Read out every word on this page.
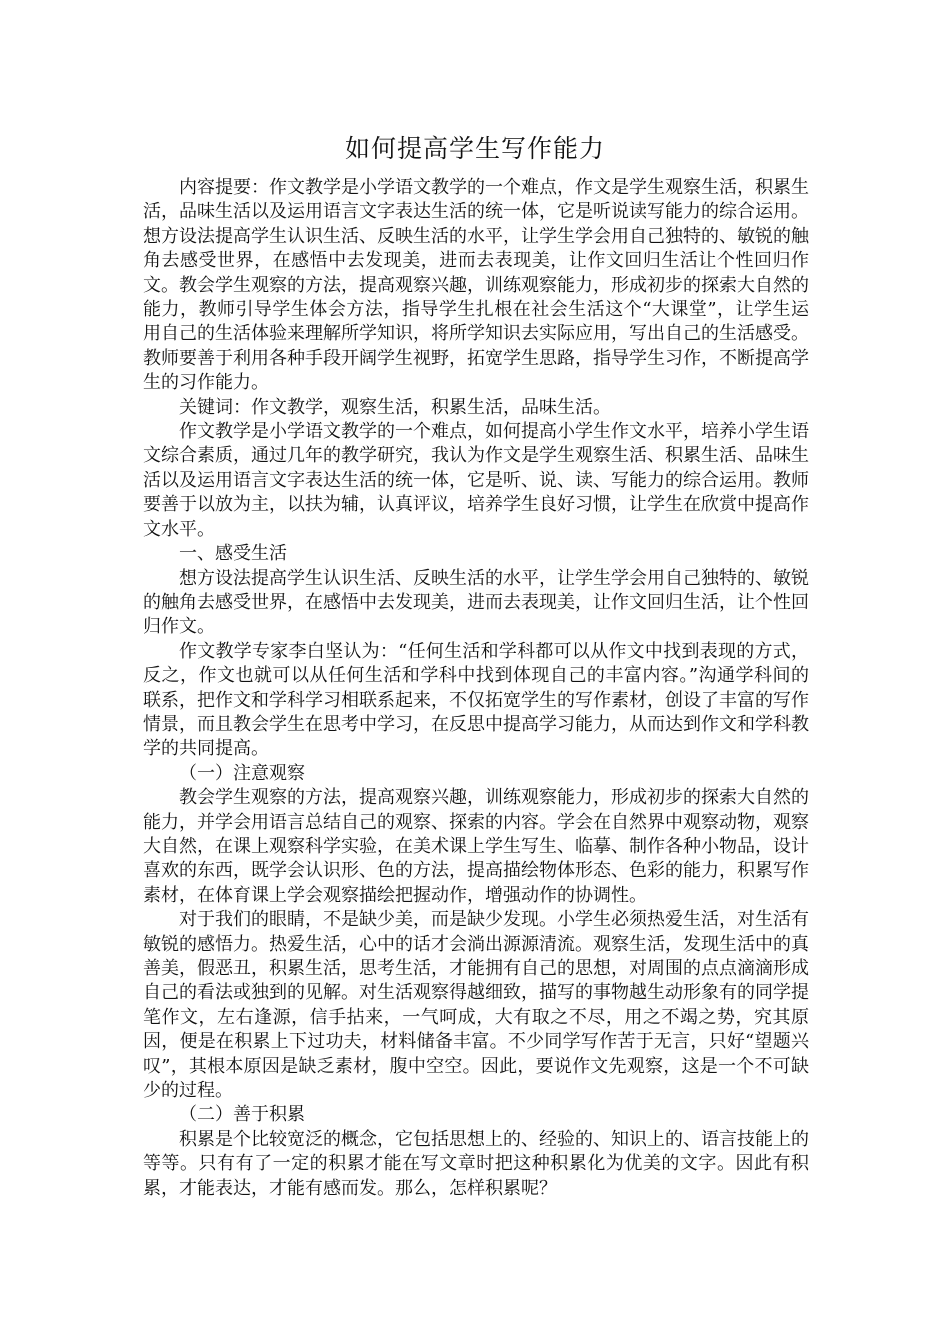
如何提高学生写作能力

内容提要：作文教学是小学语文教学的一个难点，作文是学生观察生活，积累生活，品味生活以及运用语言文字表达生活的统一体，它是听说读写能力的综合运用。想方设法提高学生认识生活、反映生活的水平，让学生学会用自己独特的、敏锐的触角去感受世界，在感悟中去发现美，进而去表现美，让作文回归生活让个性回归作文。教会学生观察的方法，提高观察兴趣，训练观察能力，形成初步的探索大自然的能力，教师引导学生体会方法，指导学生扎根在社会生活这个“大课堂”，让学生运用自己的生活体验来理解所学知识，将所学知识去实际应用，写出自己的生活感受。教师要善于利用各种手段开阔学生视野，拓宽学生思路，指导学生习作，不断提高学生的习作能力。

关键词：作文教学，观察生活，积累生活，品味生活。

作文教学是小学语文教学的一个难点，如何提高小学生作文水平，培养小学生语文综合素质，通过几年的教学研究，我认为作文是学生观察生活、积累生活、品味生活以及运用语言文字表达生活的统一体，它是听、说、读、写能力的综合运用。教师要善于以放为主，以扶为辅，认真评议，培养学生良好习惯，让学生在欣赏中提高作文水平。

一、感受生活

想方设法提高学生认识生活、反映生活的水平，让学生学会用自己独特的、敏锐的触角去感受世界，在感悟中去发现美，进而去表现美，让作文回归生活，让个性回归作文。

作文教学专家李白坚认为：“任何生活和学科都可以从作文中找到表现的方式，反之，作文也就可以从任何生活和学科中找到体现自己的丰富内容。”沟通学科间的联系，把作文和学科学习相联系起来，不仅拓宽学生的写作素材，创设了丰富的写作情景，而且教会学生在思考中学习，在反思中提高学习能力，从而达到作文和学科教学的共同提高。

（一）注意观察

教会学生观察的方法，提高观察兴趣，训练观察能力，形成初步的探索大自然的能力，并学会用语言总结自己的观察、探索的内容。学会在自然界中观察动物，观察大自然，在课上观察科学实验，在美术课上学生写生、临摹、制作各种小物品，设计喜欢的东西，既学会认识形、色的方法，提高描绘物体形态、色彩的能力，积累写作素材，在体育课上学会观察描绘把握动作，增强动作的协调性。

对于我们的眼睛，不是缺少美，而是缺少发现。小学生必须热爱生活，对生活有敏锐的感悟力。热爱生活，心中的话才会淌出源源清流。观察生活，发现生活中的真善美，假恶丑，积累生活，思考生活，才能拥有自己的思想，对周围的点点滴滴形成自己的看法或独到的见解。对生活观察得越细致，描写的事物越生动形象有的同学提笔作文，左右逢源，信手拈来，一气呵成，大有取之不尽，用之不竭之势，究其原因，便是在积累上下过功夫，材料储备丰富。不少同学写作苦于无言，只好“望题兴叹”，其根本原因是缺乏素材，腹中空空。因此，要说作文先观察，这是一个不可缺少的过程。

（二）善于积累

积累是个比较宽泛的概念，它包括思想上的、经验的、知识上的、语言技能上的等等。只有有了一定的积累才能在写文章时把这种积累化为优美的文字。因此有积累，才能表达，才能有感而发。那么，怎样积累呢？
